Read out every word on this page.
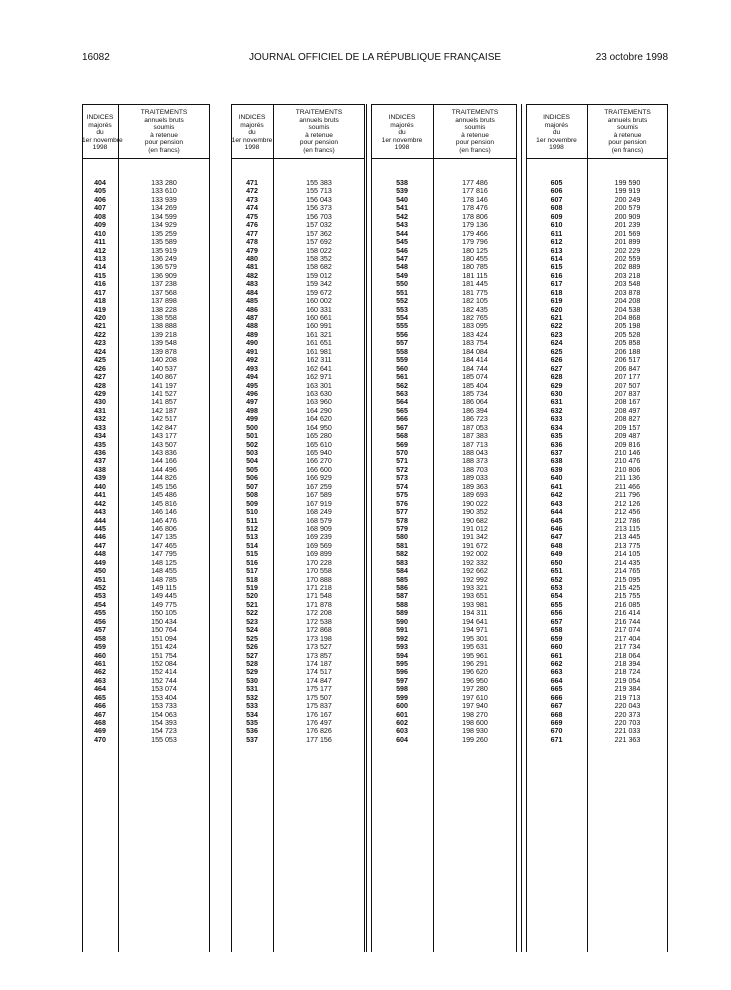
16082	JOURNAL OFFICIEL DE LA RÉPUBLIQUE FRANÇAISE	23 octobre 1998
INDICES
majorés
du
1er novembre
1998
TRAITEMENTS
annuels bruts
soumis
à retenue
pour pension
(en francs)
404	133 280
405	133 610
406	133 939
407	134 269
408	134 599
409	134 929
410	135 259
411	135 589
412	135 919
413	136 249
414	136 579
415	136 909
416	137 238
417	137 568
418	137 898
419	138 228
420	138 558
421	138 888
422	139 218
423	139 548
424	139 878
425	140 208
426	140 537
427	140 867
428	141 197
429	141 527
430	141 857
431	142 187
432	142 517
433	142 847
434	143 177
435	143 507
436	143 836
437	144 166
438	144 496
439	144 826
440	145 156
441	145 486
442	145 816
443	146 146
444	146 476
445	146 806
446	147 135
447	147 465
448	147 795
449	148 125
450	148 455
451	148 785
452	149 115
453	149 445
454	149 775
455	150 105
456	150 434
457	150 764
458	151 094
459	151 424
460	151 754
461	152 084
462	152 414
463	152 744
464	153 074
465	153 404
466	153 733
467	154 063
468	154 393
469	154 723
470	155 053
INDICES
majorés
du
1er novembre
1998
TRAITEMENTS
annuels bruts
soumis
à retenue
pour pension
(en francs)
471	155 383
472	155 713
473	156 043
474	156 373
475	156 703
476	157 032
477	157 362
478	157 692
479	158 022
480	158 352
481	158 682
482	159 012
483	159 342
484	159 672
485	160 002
486	160 331
487	160 661
488	160 991
489	161 321
490	161 651
491	161 981
492	162 311
493	162 641
494	162 971
495	163 301
496	163 630
497	163 960
498	164 290
499	164 620
500	164 950
501	165 280
502	165 610
503	165 940
504	166 270
505	166 600
506	166 929
507	167 259
508	167 589
509	167 919
510	168 249
511	168 579
512	168 909
513	169 239
514	169 569
515	169 899
516	170 228
517	170 558
518	170 888
519	171 218
520	171 548
521	171 878
522	172 208
523	172 538
524	172 868
525	173 198
526	173 527
527	173 857
528	174 187
529	174 517
530	174 847
531	175 177
532	175 507
533	175 837
534	176 167
535	176 497
536	176 826
537	177 156
INDICES
majorés
du
1er novembre
1998
TRAITEMENTS
annuels bruts
soumis
à retenue
pour pension
(en francs)
538	177 486
539	177 816
540	178 146
541	178 476
542	178 806
543	179 136
544	179 466
545	179 796
546	180 125
547	180 455
548	180 785
549	181 115
550	181 445
551	181 775
552	182 105
553	182 435
554	182 765
555	183 095
556	183 424
557	183 754
558	184 084
559	184 414
560	184 744
561	185 074
562	185 404
563	185 734
564	186 064
565	186 394
566	186 723
567	187 053
568	187 383
569	187 713
570	188 043
571	188 373
572	188 703
573	189 033
574	189 363
575	189 693
576	190 022
577	190 352
578	190 682
579	191 012
580	191 342
581	191 672
582	192 002
583	192 332
584	192 662
585	192 992
586	193 321
587	193 651
588	193 981
589	194 311
590	194 641
591	194 971
592	195 301
593	195 631
594	195 961
595	196 291
596	196 620
597	196 950
598	197 280
599	197 610
600	197 940
601	198 270
602	198 600
603	198 930
604	199 260
INDICES
majorés
du
1er novembre
1998
TRAITEMENTS
annuels bruts
soumis
à retenue
pour pension
(en francs)
605	199 590
606	199 919
607	200 249
608	200 579
609	200 909
610	201 239
611	201 569
612	201 899
613	202 229
614	202 559
615	202 889
616	203 218
617	203 548
618	203 878
619	204 208
620	204 538
621	204 868
622	205 198
623	205 528
624	205 858
625	206 188
626	206 517
627	206 847
628	207 177
629	207 507
630	207 837
631	208 167
632	208 497
633	208 827
634	209 157
635	209 487
636	209 816
637	210 146
638	210 476
639	210 806
640	211 136
641	211 466
642	211 796
643	212 126
644	212 456
645	212 786
646	213 115
647	213 445
648	213 775
649	214 105
650	214 435
651	214 765
652	215 095
653	215 425
654	215 755
655	216 085
656	216 414
657	216 744
658	217 074
659	217 404
660	217 734
661	218 064
662	218 394
663	218 724
664	219 054
665	219 384
666	219 713
667	220 043
668	220 373
669	220 703
670	221 033
671	221 363
